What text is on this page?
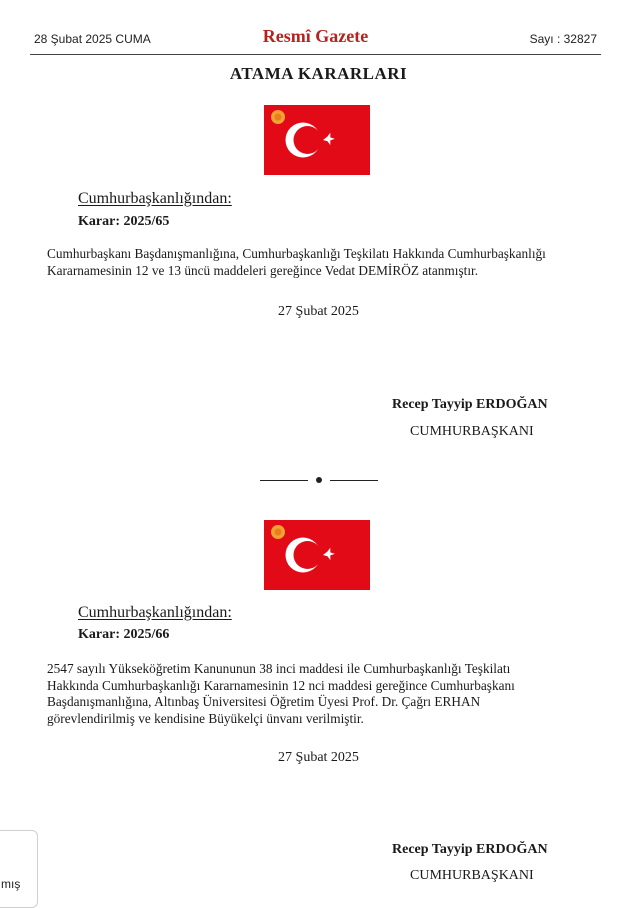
28 Şubat 2025 CUMA	Resmî Gazete	Sayı : 32827
ATAMA KARARLARI
Cumhurbaşkanlığından:
Karar: 2025/65
Cumhurbaşkanı Başdanışmanlığına, Cumhurbaşkanlığı Teşkilatı Hakkında Cumhurbaşkanlığı
Kararnamesinin 12 ve 13 üncü maddeleri gereğince Vedat DEMİRÖZ atanmıştır.
27 Şubat 2025
Recep Tayyip ERDOĞAN
CUMHURBAŞKANI
Cumhurbaşkanlığından:
Karar: 2025/66
2547 sayılı Yükseköğretim Kanununun 38 inci maddesi ile Cumhurbaşkanlığı Teşkilatı
Hakkında Cumhurbaşkanlığı Kararnamesinin 12 nci maddesi gereğince Cumhurbaşkanı
Başdanışmanlığına, Altınbaş Üniversitesi Öğretim Üyesi Prof. Dr. Çağrı ERHAN
görevlendirilmiş ve kendisine Büyükelçi ünvanı verilmiştir.
27 Şubat 2025
Recep Tayyip ERDOĞAN
CUMHURBAŞKANI
mış
